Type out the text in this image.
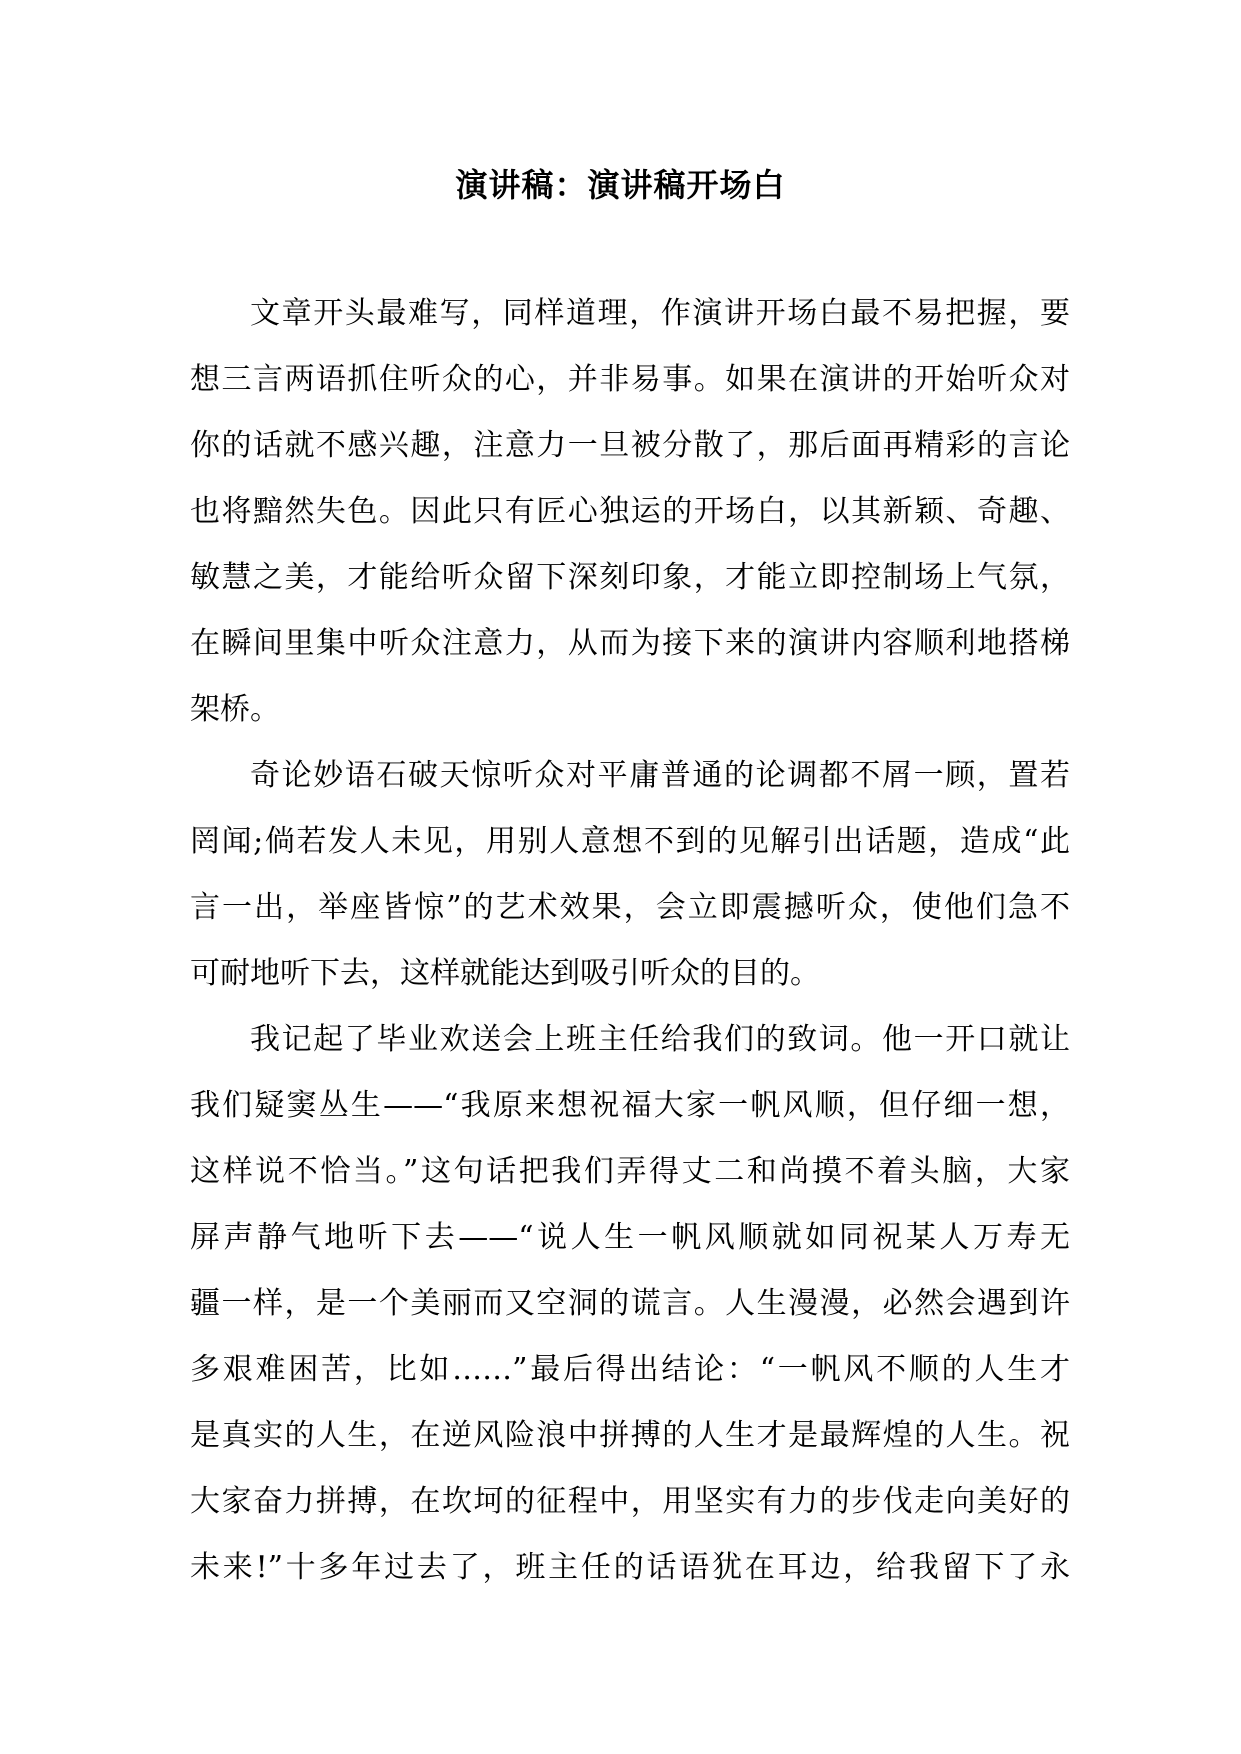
演讲稿：演讲稿开场白
文章开头最难写，同样道理，作演讲开场白最不易把握，要
想三言两语抓住听众的心，并非易事。如果在演讲的开始听众对
你的话就不感兴趣，注意力一旦被分散了，那后面再精彩的言论
也将黯然失色。因此只有匠心独运的开场白，以其新颖、奇趣、
敏慧之美，才能给听众留下深刻印象，才能立即控制场上气氛，
在瞬间里集中听众注意力，从而为接下来的演讲内容顺利地搭梯
架桥。
奇论妙语石破天惊听众对平庸普通的论调都不屑一顾，置若
罔闻;倘若发人未见，用别人意想不到的见解引出话题，造成“此
言一出，举座皆惊”的艺术效果，会立即震撼听众，使他们急不
可耐地听下去，这样就能达到吸引听众的目的。
我记起了毕业欢送会上班主任给我们的致词。他一开口就让
我们疑窦丛生——“我原来想祝福大家一帆风顺，但仔细一想，
这样说不恰当。”这句话把我们弄得丈二和尚摸不着头脑，大家
屏声静气地听下去——“说人生一帆风顺就如同祝某人万寿无
疆一样，是一个美丽而又空洞的谎言。人生漫漫，必然会遇到许
多艰难困苦，比如……”最后得出结论：“一帆风不顺的人生才
是真实的人生，在逆风险浪中拼搏的人生才是最辉煌的人生。祝
大家奋力拼搏，在坎坷的征程中，用坚实有力的步伐走向美好的
未来!”十多年过去了，班主任的话语犹在耳边，给我留下了永
